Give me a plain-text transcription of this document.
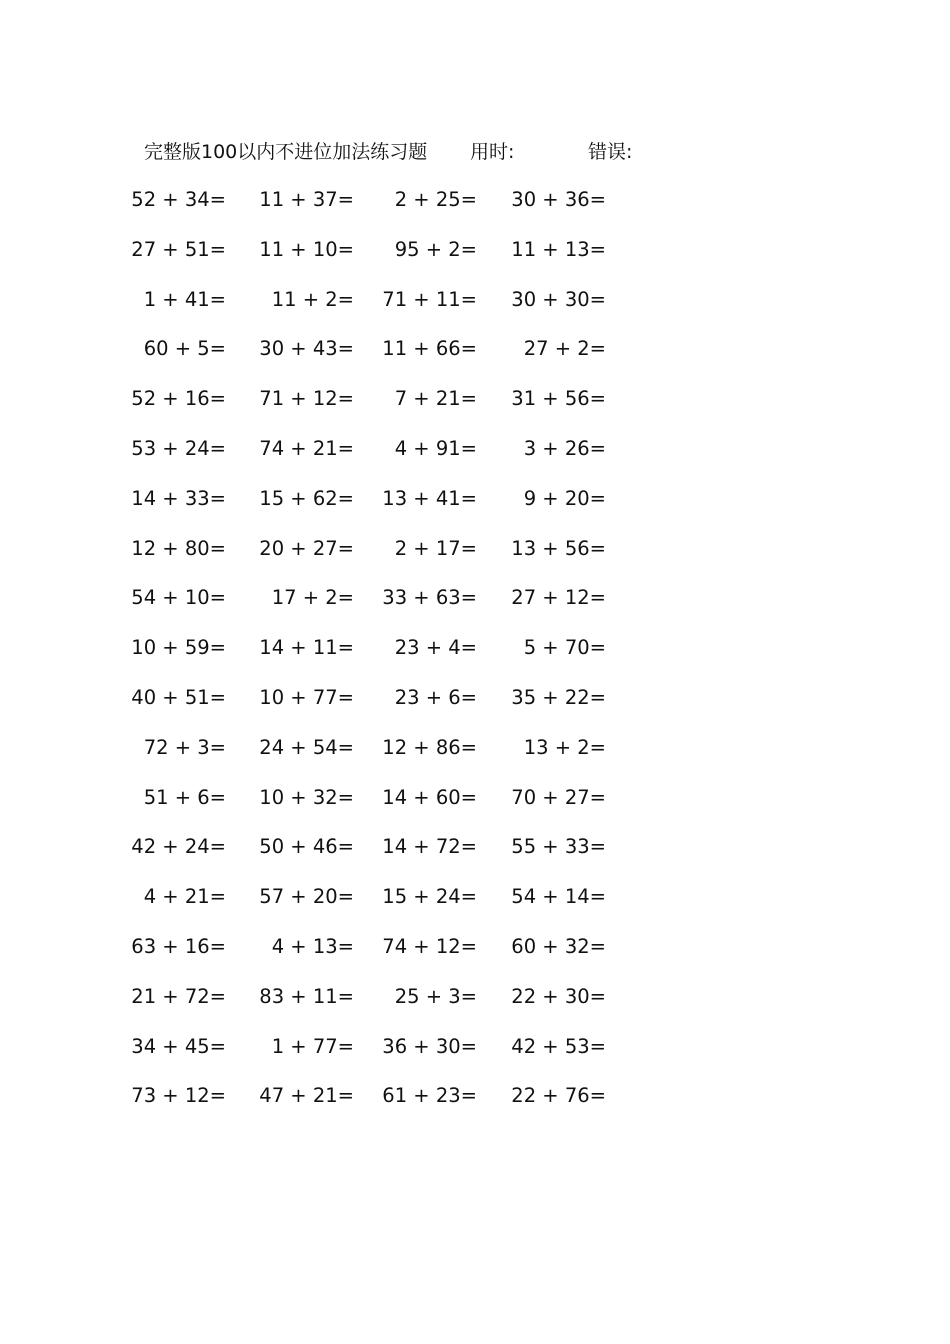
完整版100以内不进位加法练习题 用时:	错误:
52 + 34=	11 + 37=	2 + 25=	30 + 36=
27 + 51=	11 + 10=	95 + 2=	11 + 13=
1 + 41=	11 + 2=	71 + 11=	30 + 30=
60 + 5=	30 + 43=	11 + 66=	27 + 2=
52 + 16=	71 + 12=	7 + 21=	31 + 56=
53 + 24=	74 + 21=	4 + 91=	3 + 26=
14 + 33=	15 + 62=	13 + 41=	9 + 20=
12 + 80=	20 + 27=	2 + 17=	13 + 56=
54 + 10=	17 + 2=	33 + 63=	27 + 12=
10 + 59=	14 + 11=	23 + 4=	5 + 70=
40 + 51=	10 + 77=	23 + 6=	35 + 22=
72 + 3=	24 + 54=	12 + 86=	13 + 2=
51 + 6=	10 + 32=	14 + 60=	70 + 27=
42 + 24=	50 + 46=	14 + 72=	55 + 33=
4 + 21=	57 + 20=	15 + 24=	54 + 14=
63 + 16=	4 + 13=	74 + 12=	60 + 32=
21 + 72=	83 + 11=	25 + 3=	22 + 30=
34 + 45=	1 + 77=	36 + 30=	42 + 53=
73 + 12=	47 + 21=	61 + 23=	22 + 76=
